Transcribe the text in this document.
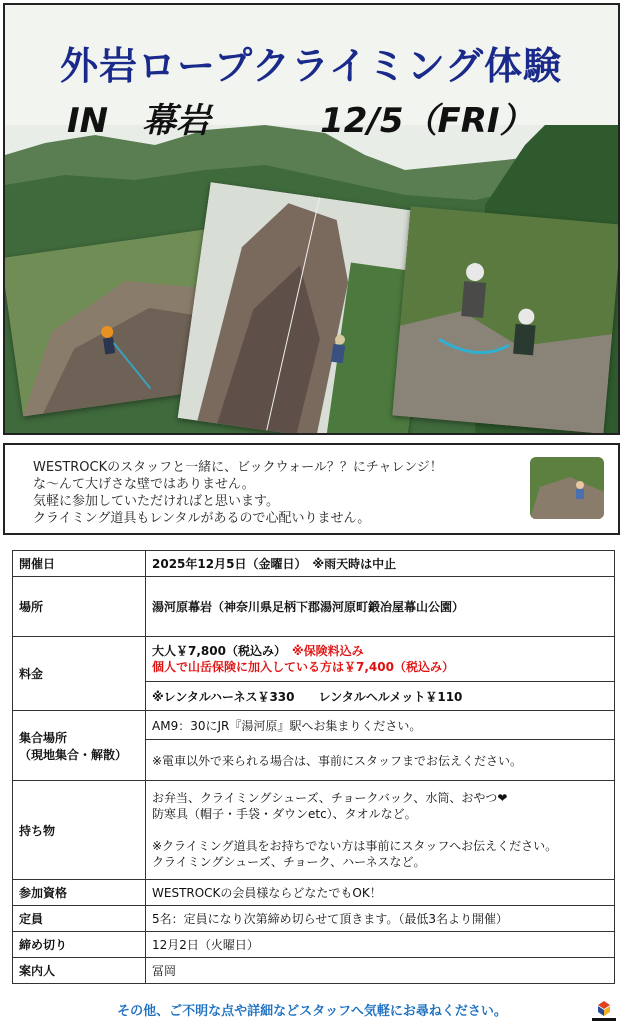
外岩ロープクライミング体験
IN　幕岩	12/5（FRI）
WESTROCKのスタッフと一緒に、ビックウォール？？にチャレンジ！
な～んて大げさな壁ではありません。
気軽に参加していただければと思います。
クライミング道具もレンタルがあるので心配いりません。
開催日	2025年12月5日（金曜日）　※雨天時は中止
場所	湯河原幕岩（神奈川県足柄下郡湯河原町鍛冶屋幕山公園）
料金	大人￥7,800（税込み）　※保険料込み
個人で山岳保険に加入している方は￥7,400（税込み）
	※レンタルハーネス￥330　　レンタルヘルメット￥110
集合場所
（現地集合・解散）	AM9：30にJR『湯河原』駅へお集まりください。
	※電車以外で来られる場合は、事前にスタッフまでお伝えください。
持ち物	お弁当、クライミングシューズ、チョークバック、水筒、おやつ❤
防寒具（帽子・手袋・ダウンetc）、タオルなど。

※クライミング道具をお持ちでない方は事前にスタッフへお伝えください。
クライミングシューズ、チョーク、ハーネスなど。
参加資格	WESTROCKの会員様ならどなたでもOK！
定員	5名：定員になり次第締め切らせて頂きます。（最低3名より開催）
締め切り	12月2日（火曜日）
案内人	冨岡
その他、ご不明な点や詳細などスタッフへ気軽にお尋ねください。
